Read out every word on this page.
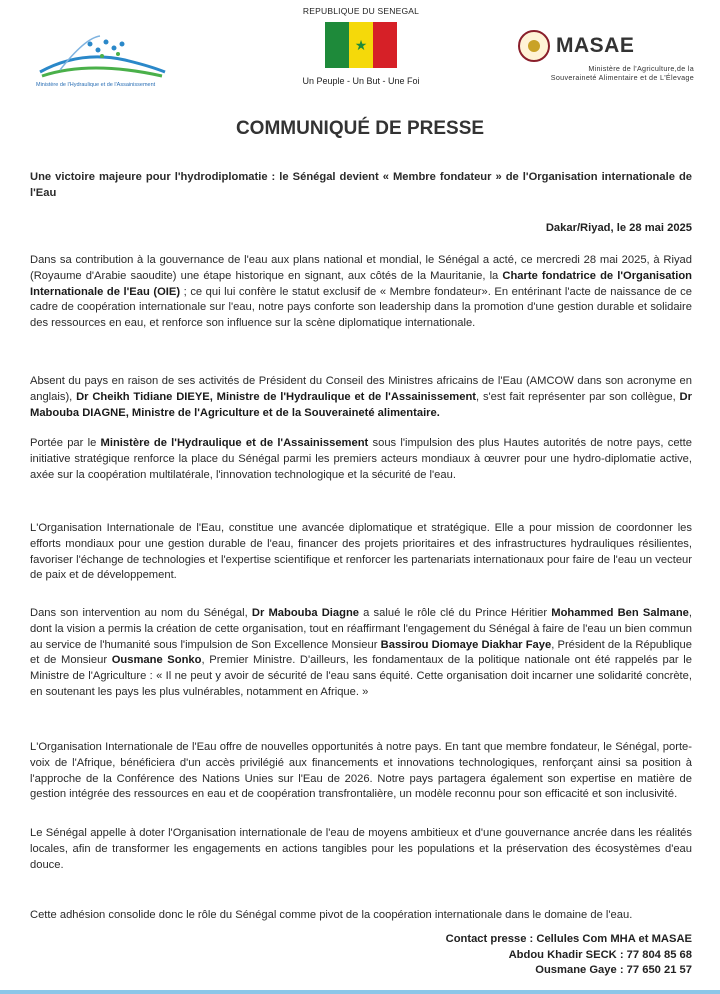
Ministère de l'Hydraulique et de l'Assainissement
REPUBLIQUE DU SENEGAL
★
Un Peuple - Un But - Une Foi
MASAE
Ministère de l'Agriculture,de la
Souveraineté Alimentaire et de L'Élevage
COMMUNIQUÉ DE PRESSE
Une victoire majeure pour l'hydrodiplomatie : le Sénégal devient « Membre fondateur » de l'Organisation internationale de l'Eau
Dakar/Riyad, le 28 mai 2025
Dans sa contribution à la gouvernance de l'eau aux plans national et mondial, le Sénégal a acté, ce mercredi 28 mai 2025, à Riyad (Royaume d'Arabie saoudite) une étape historique en signant, aux côtés de la Mauritanie, la Charte fondatrice de l'Organisation Internationale de l'Eau (OIE) ; ce qui lui confère le statut exclusif de « Membre fondateur». En entérinant l'acte de naissance de ce cadre de coopération internationale sur l'eau, notre pays conforte son leadership dans la promotion d'une gestion durable et solidaire des ressources en eau, et renforce son influence sur la scène diplomatique internationale.
Absent du pays en raison de ses activités de Président du Conseil des Ministres africains de l'Eau (AMCOW dans son acronyme en anglais), Dr Cheikh Tidiane DIEYE, Ministre de l'Hydraulique et de l'Assainissement, s'est fait représenter par son collègue, Dr Mabouba DIAGNE, Ministre de l'Agriculture et de la Souveraineté alimentaire.
Portée par le Ministère de l'Hydraulique et de l'Assainissement sous l'impulsion des plus Hautes autorités de notre pays, cette initiative stratégique renforce la place du Sénégal parmi les premiers acteurs mondiaux à œuvrer pour une hydro-diplomatie active, axée sur la coopération multilatérale, l'innovation technologique et la sécurité de l'eau.
L'Organisation Internationale de l'Eau, constitue une avancée diplomatique et stratégique. Elle a pour mission de coordonner les efforts mondiaux pour une gestion durable de l'eau, financer des projets prioritaires et des infrastructures hydrauliques résilientes, favoriser l'échange de technologies et l'expertise scientifique et renforcer les partenariats internationaux pour faire de l'eau un vecteur de paix et de développement.
Dans son intervention au nom du Sénégal, Dr Mabouba Diagne a salué le rôle clé du Prince Héritier Mohammed Ben Salmane, dont la vision a permis la création de cette organisation, tout en réaffirmant l'engagement du Sénégal à faire de l'eau un bien commun au service de l'humanité sous l'impulsion de Son Excellence Monsieur Bassirou Diomaye Diakhar Faye, Président de la République et de Monsieur Ousmane Sonko, Premier Ministre. D'ailleurs, les fondamentaux de la politique nationale ont été rappelés par le Ministre de l'Agriculture : « Il ne peut y avoir de sécurité de l'eau sans équité. Cette organisation doit incarner une solidarité concrète, en soutenant les pays les plus vulnérables, notamment en Afrique. »
L'Organisation Internationale de l'Eau offre de nouvelles opportunités à notre pays. En tant que membre fondateur, le Sénégal, porte-voix de l'Afrique, bénéficiera d'un accès privilégié aux financements et innovations technologiques, renforçant ainsi sa position à l'approche de la Conférence des Nations Unies sur l'Eau de 2026. Notre pays partagera également son expertise en matière de gestion intégrée des ressources en eau et de coopération transfrontalière, un modèle reconnu pour son efficacité et son inclusivité.
Le Sénégal appelle à doter l'Organisation internationale de l'eau de moyens ambitieux et d'une gouvernance ancrée dans les réalités locales, afin de transformer les engagements en actions tangibles pour les populations et la préservation des écosystèmes d'eau douce.
Cette adhésion consolide donc le rôle du Sénégal comme pivot de la coopération internationale dans le domaine de l'eau.
Contact presse : Cellules Com MHA et MASAE
Abdou Khadir SECK : 77 804 85 68
Ousmane Gaye : 77 650 21 57
